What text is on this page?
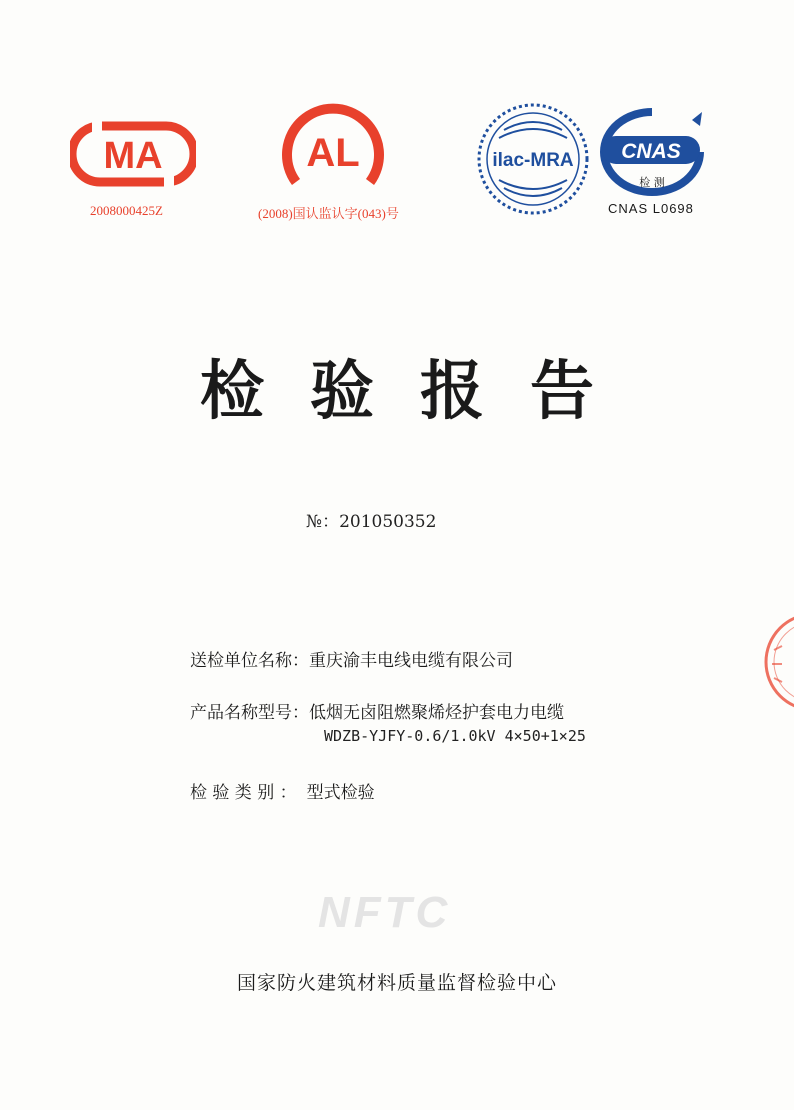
MA
2008000425Z
AL
(2008)国认监认字(043)号
ilac-MRA CNAS
检 测
CNAS L0698
检验报告
№：201050352
送检单位名称：重庆渝丰电线电缆有限公司
产品名称型号：低烟无卤阻燃聚烯烃护套电力电缆
WDZB-YJFY-0.6/1.0kV 4×50+1×25
检 验 类 别 ： 型式检验
NFTC
国家防火建筑材料质量监督检验中心
